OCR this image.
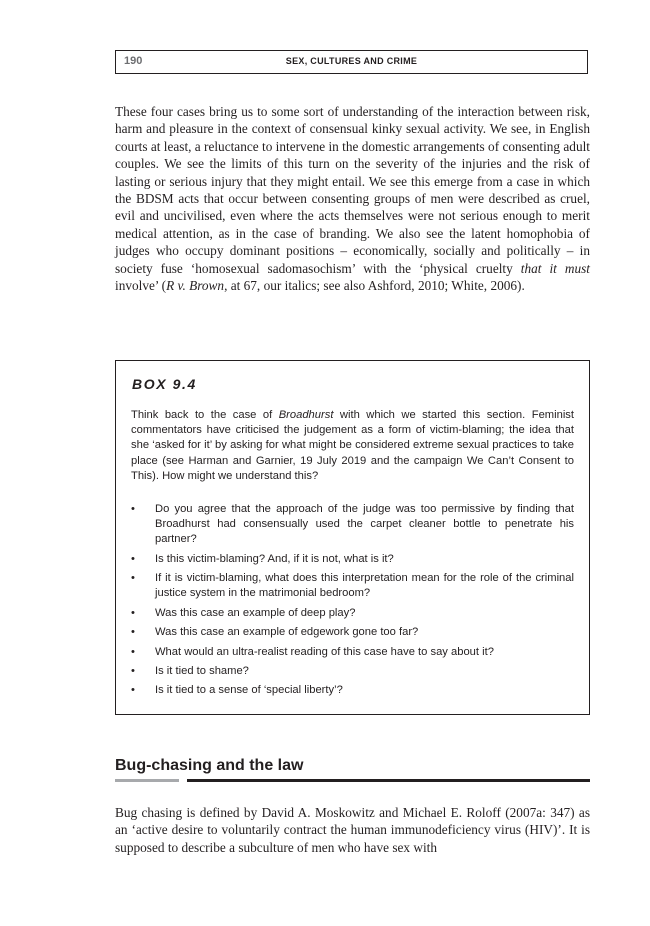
190	SEX, CULTURES AND CRIME

These four cases bring us to some sort of understanding of the interaction between risk, harm and pleasure in the context of consensual kinky sexual activity. We see, in English courts at least, a reluctance to intervene in the domestic arrangements of consenting adult couples. We see the limits of this turn on the severity of the injuries and the risk of lasting or serious injury that they might entail. We see this emerge from a case in which the BDSM acts that occur between consenting groups of men were described as cruel, evil and uncivilised, even where the acts themselves were not serious enough to merit medical attention, as in the case of branding. We also see the latent homophobia of judges who occupy dominant positions – economically, socially and politically – in society fuse ‘homosexual sadomasochism’ with the ‘physical cruelty that it must involve’ (R v. Brown, at 67, our italics; see also Ashford, 2010; White, 2006).

BOX 9.4

Think back to the case of Broadhurst with which we started this section. Feminist commentators have criticised the judgement as a form of victim-blaming; the idea that she ‘asked for it’ by asking for what might be considered extreme sexual practices to take place (see Harman and Garnier, 19 July 2019 and the campaign We Can’t Consent to This). How might we understand this?

• Do you agree that the approach of the judge was too permissive by finding that Broadhurst had consensually used the carpet cleaner bottle to penetrate his partner?
• Is this victim-blaming? And, if it is not, what is it?
• If it is victim-blaming, what does this interpretation mean for the role of the criminal justice system in the matrimonial bedroom?
• Was this case an example of deep play?
• Was this case an example of edgework gone too far?
• What would an ultra-realist reading of this case have to say about it?
• Is it tied to shame?
• Is it tied to a sense of ‘special liberty’?
Bug-chasing and the law

Bug chasing is defined by David A. Moskowitz and Michael E. Roloff (2007a: 347) as an ‘active desire to voluntarily contract the human immunodeficiency virus (HIV)’. It is supposed to describe a subculture of men who have sex with
